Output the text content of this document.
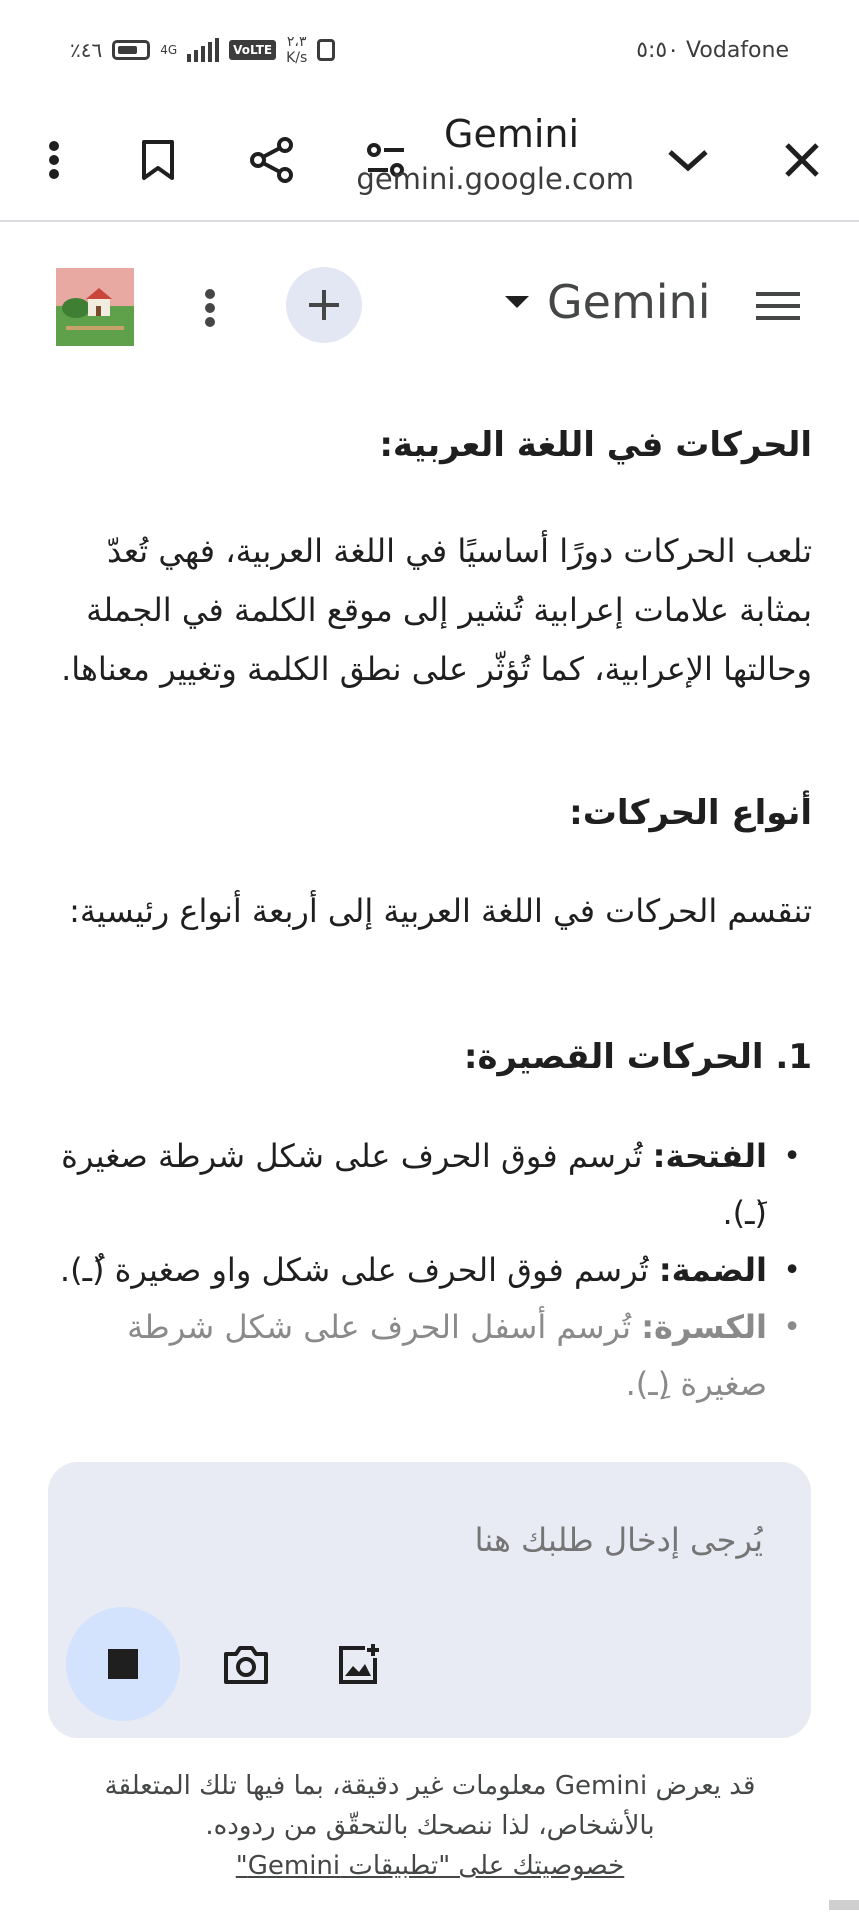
٪٤٦	4G	VoLTE ٢،٣
K/s	٥:٥٠ Vodafone
Gemini
gemini.google.com
Gemini
الحركات في اللغة العربية:

تلعب الحركات دورًا أساسيًا في اللغة العربية، فهي تُعدّ بمثابة علامات إعرابية تُشير إلى موقع الكلمة في الجملة وحالتها الإعرابية، كما تُؤثّر على نطق الكلمة وتغيير معناها.

أنواع الحركات:

تنقسم الحركات في اللغة العربية إلى أربعة أنواع رئيسية:

1. الحركات القصيرة:
• الفتحة: تُرسم فوق الحرف على شكل شرطة صغيرة (َـ).
• الضمة: تُرسم فوق الحرف على شكل واو صغيرة (ُـ).
• الكسرة: تُرسم أسفل الحرف على شكل شرطة صغيرة (ِـ).
يُرجى إدخال طلبك هنا
قد يعرض Gemini معلومات غير دقيقة، بما فيها تلك المتعلقة بالأشخاص، لذا ننصحك بالتحقّق من ردوده.
خصوصيتك على "تطبيقات Gemini"
